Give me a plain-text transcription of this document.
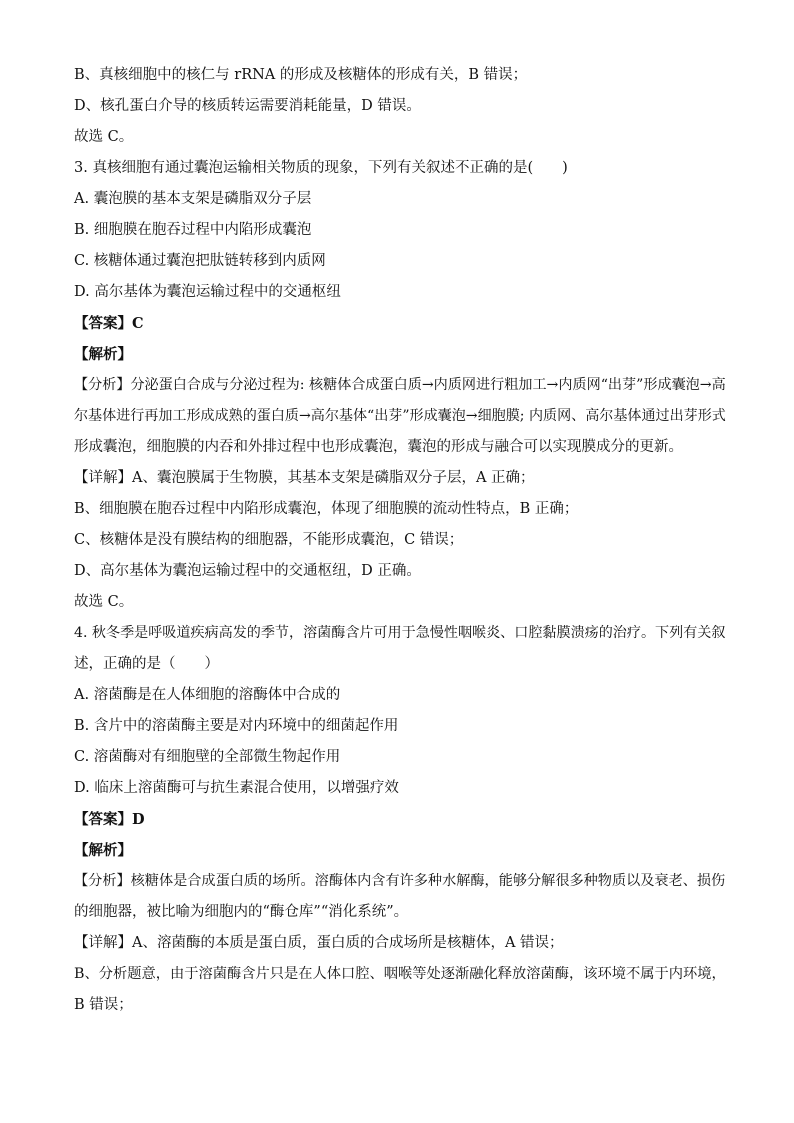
B、真核细胞中的核仁与 rRNA 的形成及核糖体的形成有关，B 错误；
D、核孔蛋白介导的核质转运需要消耗能量，D 错误。
故选 C。
3. 真核细胞有通过囊泡运输相关物质的现象，下列有关叙述不正确的是(　　)
A. 囊泡膜的基本支架是磷脂双分子层
B. 细胞膜在胞吞过程中内陷形成囊泡
C. 核糖体通过囊泡把肽链转移到内质网
D. 高尔基体为囊泡运输过程中的交通枢纽
【答案】C
【解析】
【分析】分泌蛋白合成与分泌过程为: 核糖体合成蛋白质→内质网进行粗加工→内质网“出芽”形成囊泡→高
尔基体进行再加工形成成熟的蛋白质→高尔基体“出芽”形成囊泡→细胞膜; 内质网、高尔基体通过出芽形式
形成囊泡，细胞膜的内吞和外排过程中也形成囊泡，囊泡的形成与融合可以实现膜成分的更新。
【详解】A、囊泡膜属于生物膜，其基本支架是磷脂双分子层，A 正确；
B、细胞膜在胞吞过程中内陷形成囊泡，体现了细胞膜的流动性特点，B 正确；
C、核糖体是没有膜结构的细胞器，不能形成囊泡，C 错误；
D、高尔基体为囊泡运输过程中的交通枢纽，D 正确。
故选 C。
4. 秋冬季是呼吸道疾病高发的季节，溶菌酶含片可用于急慢性咽喉炎、口腔黏膜溃疡的治疗。下列有关叙
述，正确的是（　　）
A. 溶菌酶是在人体细胞的溶酶体中合成的
B. 含片中的溶菌酶主要是对内环境中的细菌起作用
C. 溶菌酶对有细胞壁的全部微生物起作用
D. 临床上溶菌酶可与抗生素混合使用，以增强疗效
【答案】D
【解析】
【分析】核糖体是合成蛋白质的场所。溶酶体内含有许多种水解酶，能够分解很多种物质以及衰老、损伤
的细胞器，被比喻为细胞内的“酶仓库”“消化系统”。
【详解】A、溶菌酶的本质是蛋白质，蛋白质的合成场所是核糖体，A 错误；
B、分析题意，由于溶菌酶含片只是在人体口腔、咽喉等处逐渐融化释放溶菌酶，该环境不属于内环境，
B 错误；
